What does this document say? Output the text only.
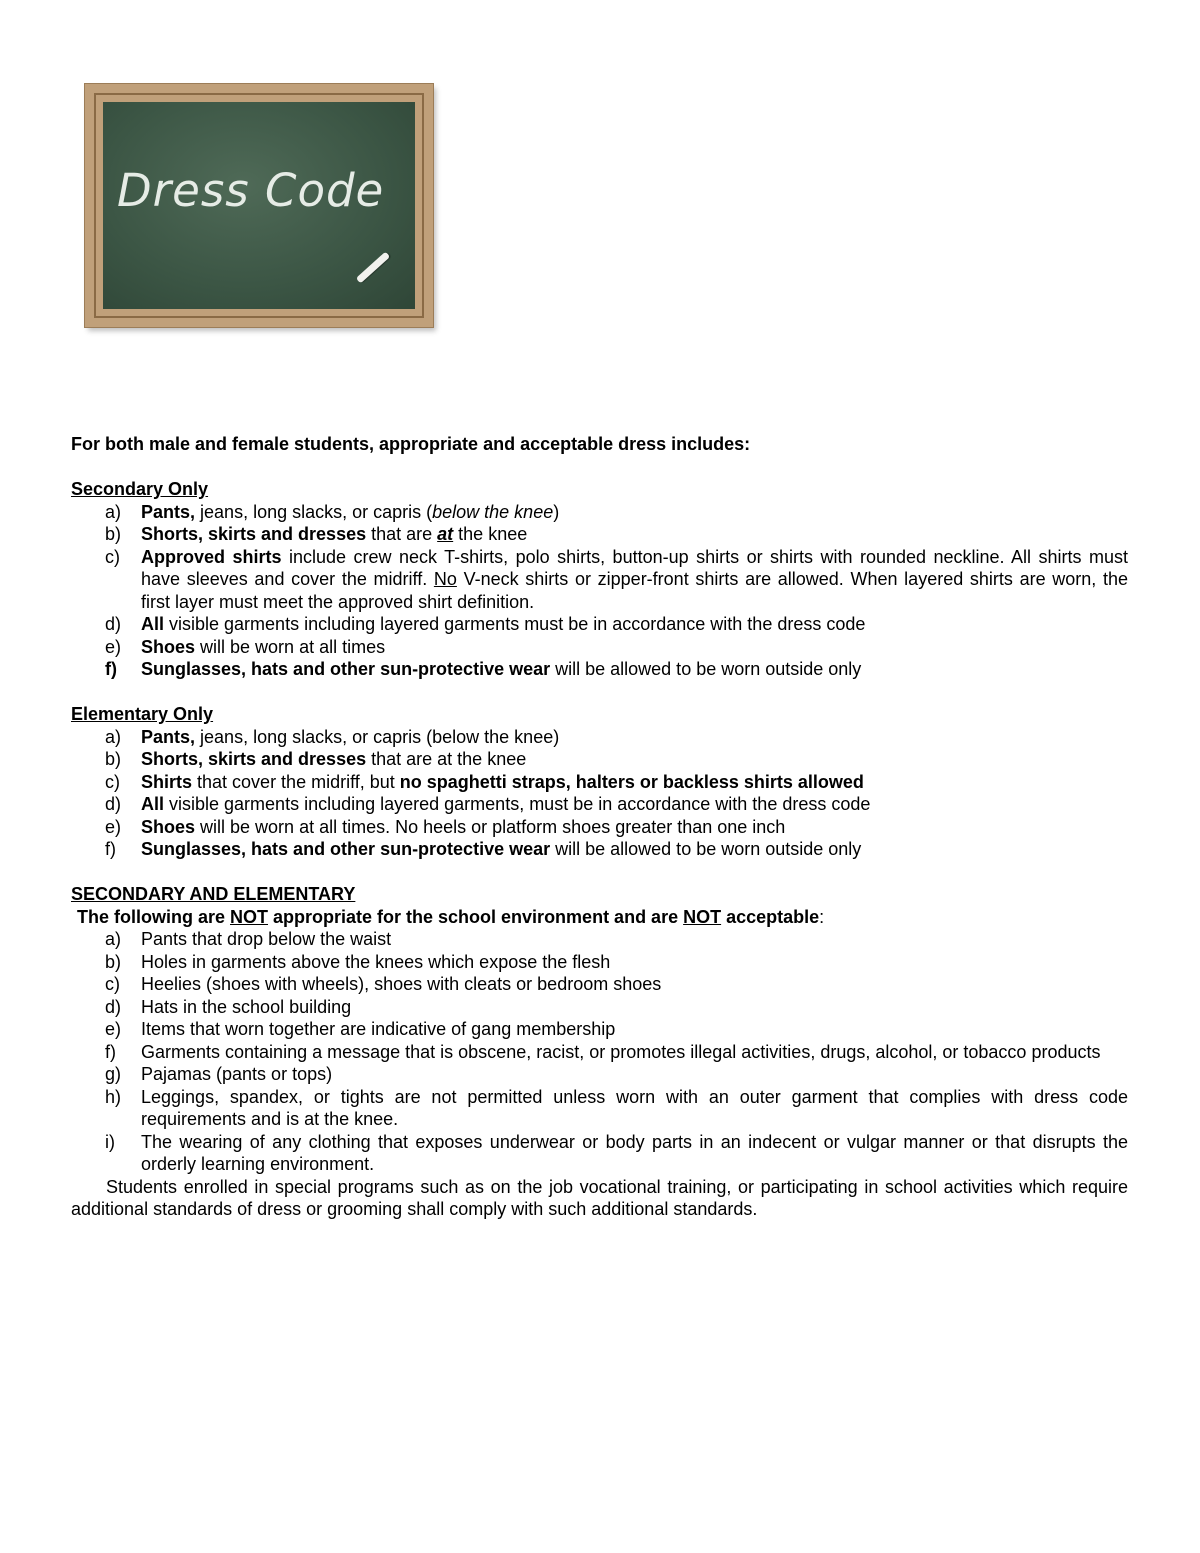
Dress Code

For both male and female students, appropriate and acceptable dress includes:

Secondary Only

a) Pants, jeans, long slacks, or capris (below the knee)
b) Shorts, skirts and dresses that are at the knee
c) Approved shirts include crew neck T-shirts, polo shirts, button-up shirts or shirts with rounded neckline. All shirts must have sleeves and cover the midriff. No V-neck shirts or zipper-front shirts are allowed. When layered shirts are worn, the first layer must meet the approved shirt definition.
d) All visible garments including layered garments must be in accordance with the dress code
e) Shoes will be worn at all times
f) Sunglasses, hats and other sun-protective wear will be allowed to be worn outside only

Elementary Only

a) Pants, jeans, long slacks, or capris (below the knee)
b) Shorts, skirts and dresses that are at the knee
c) Shirts that cover the midriff, but no spaghetti straps, halters or backless shirts allowed
d) All visible garments including layered garments, must be in accordance with the dress code
e) Shoes will be worn at all times. No heels or platform shoes greater than one inch
f) Sunglasses, hats and other sun-protective wear will be allowed to be worn outside only

SECONDARY AND ELEMENTARY

The following are NOT appropriate for the school environment and are NOT acceptable:

a) Pants that drop below the waist
b) Holes in garments above the knees which expose the flesh
c) Heelies (shoes with wheels), shoes with cleats or bedroom shoes
d) Hats in the school building
e) Items that worn together are indicative of gang membership
f) Garments containing a message that is obscene, racist, or promotes illegal activities, drugs, alcohol, or tobacco products
g) Pajamas (pants or tops)
h) Leggings, spandex, or tights are not permitted unless worn with an outer garment that complies with dress code requirements and is at the knee.
i) The wearing of any clothing that exposes underwear or body parts in an indecent or vulgar manner or that disrupts the orderly learning environment.

Students enrolled in special programs such as on the job vocational training, or participating in school activities which require additional standards of dress or grooming shall comply with such additional standards.
